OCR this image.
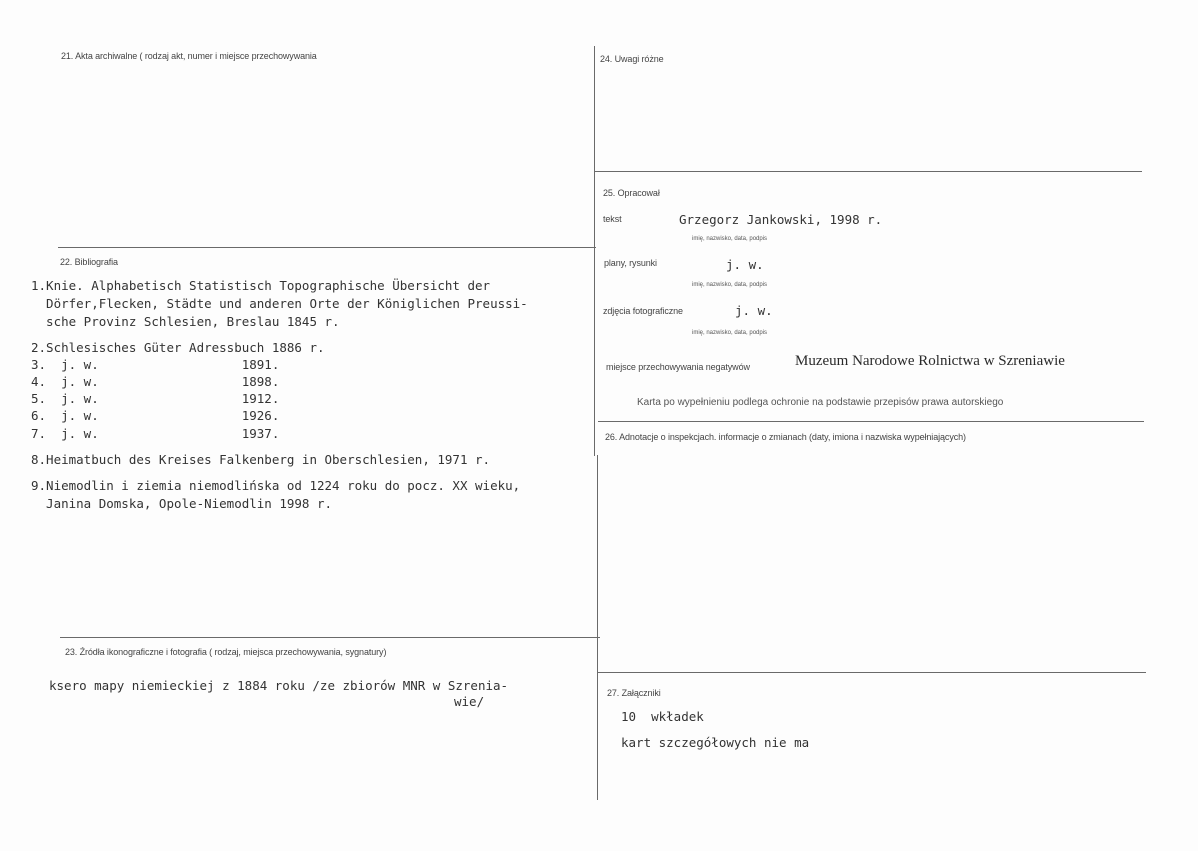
21. Akta archiwalne ( rodzaj akt, numer i miejsce przechowywania
22. Bibliografia
1.Knie. Alphabetisch Statistisch Topographische Übersicht der
Dörfer,Flecken, Städte und anderen Orte der Königlichen Preussi-
sche Provinz Schlesien, Breslau 1845 r.
2.Schlesisches Güter Adressbuch 1886 r.
3.  j. w.                   1891.
4.  j. w.                   1898.
5.  j. w.                   1912.
6.  j. w.                   1926.
7.  j. w.                   1937.
8.Heimatbuch des Kreises Falkenberg in Oberschlesien, 1971 r.
9.Niemodlin i ziemia niemodlińska od 1224 roku do pocz. XX wieku,
Janina Domska, Opole-Niemodlin 1998 r.
23. Źródła ikonograficzne i fotografia ( rodzaj, miejsca przechowywania, sygnatury)
ksero mapy niemieckiej z 1884 roku /ze zbiorów MNR w Szrenia-
wie/
24. Uwagi różne
25. Opracował
tekst	Grzegorz Jankowski, 1998 r.
imię, nazwisko, data, podpis
plany, rysunki	j. w.
imię, nazwisko, data, podpis
zdjęcia fotograficzne	j. w.
imię, nazwisko, data, podpis
miejsce przechowywania negatywów	Muzeum Narodowe Rolnictwa w Szreniawie
Karta po wypełnieniu podlega ochronie na podstawie przepisów prawa autorskiego
26. Adnotacje o inspekcjach. informacje o zmianach (daty, imiona i nazwiska wypełniających)
27. Załączniki
10  wkładek
kart szczegółowych nie ma
